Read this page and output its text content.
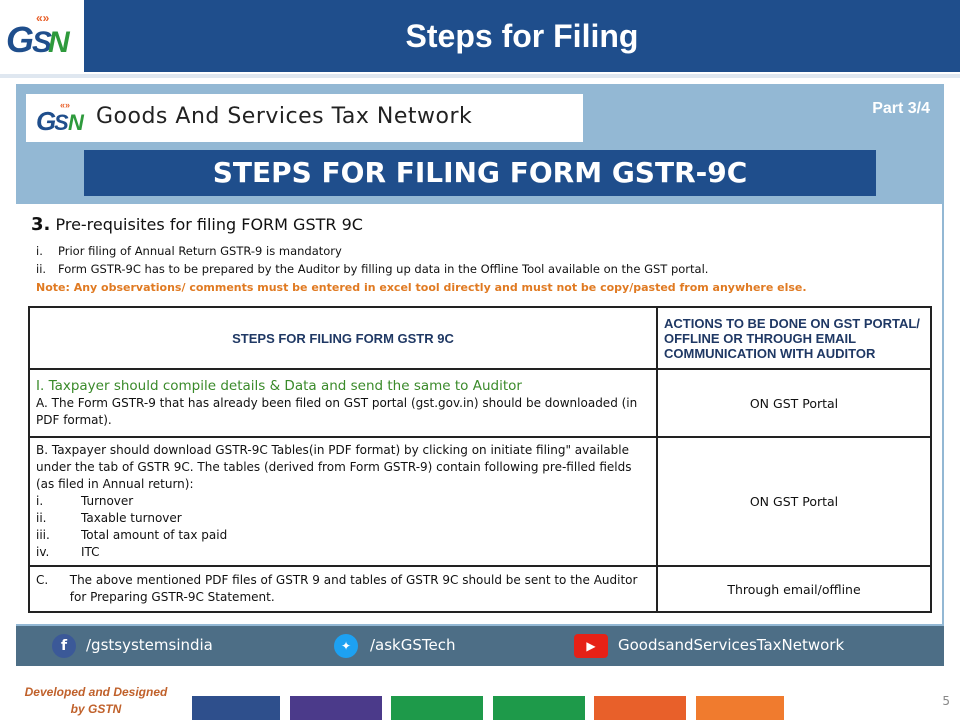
G
S
N
«»	Steps for Filing
G
S N
«» Goods And Services Tax Network	Part 3/4
STEPS FOR FILING FORM GSTR-9C
3. Pre-requisites for filing FORM GSTR 9C
i. Prior filing of Annual Return GSTR-9 is mandatory
ii. Form GSTR-9C has to be prepared by the Auditor by filling up data in the Offline Tool available on the GST portal.
Note: Any observations/ comments must be entered in excel tool directly and must not be copy/pasted from anywhere else.
STEPS FOR FILING FORM GSTR 9C	ACTIONS TO BE DONE ON GST PORTAL/ OFFLINE OR THROUGH EMAIL COMMUNICATION WITH AUDITOR

I. Taxpayer should compile details & Data and send the same to Auditor
A. The Form GSTR-9 that has already been filed on GST portal (gst.gov.in) should be downloaded (in PDF format).	ON GST Portal

B. Taxpayer should download GSTR-9C Tables(in PDF format) by clicking on initiate filing" available under the tab of GSTR 9C. The tables (derived from Form GSTR-9) contain following pre-filled fields (as filed in Annual return):
i. Turnover
ii. Taxable turnover
iii. Total amount of tax paid
iv. ITC	ON GST Portal

C. The above mentioned PDF files of GSTR 9 and tables of GSTR 9C should be sent to the Auditor for Preparing GSTR-9C Statement.	Through email/offline
f	/gstsystemsindia	✦	/askGSTech	▶	GoodsandServicesTaxNetwork
Developed and Designed by GSTN
5
